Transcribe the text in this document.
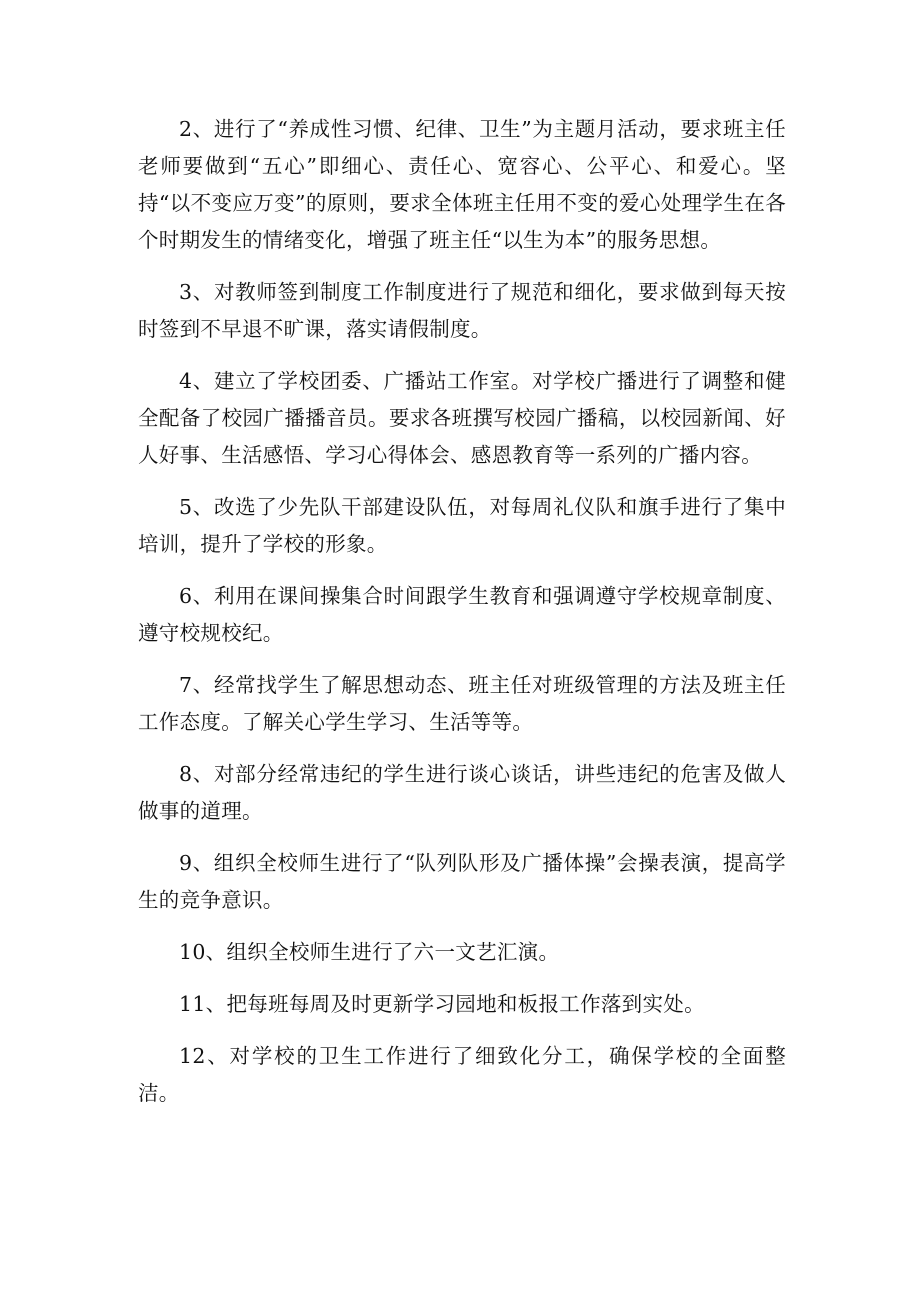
2、进行了“养成性习惯、纪律、卫生”为主题月活动，要求班主任老师要做到“五心”即细心、责任心、宽容心、公平心、和爱心。坚持“以不变应万变”的原则，要求全体班主任用不变的爱心处理学生在各个时期发生的情绪变化，增强了班主任“以生为本”的服务思想。

3、对教师签到制度工作制度进行了规范和细化，要求做到每天按时签到不早退不旷课，落实请假制度。

4、建立了学校团委、广播站工作室。对学校广播进行了调整和健全配备了校园广播播音员。要求各班撰写校园广播稿，以校园新闻、好人好事、生活感悟、学习心得体会、感恩教育等一系列的广播内容。

5、改选了少先队干部建设队伍，对每周礼仪队和旗手进行了集中培训，提升了学校的形象。

6、利用在课间操集合时间跟学生教育和强调遵守学校规章制度、遵守校规校纪。

7、经常找学生了解思想动态、班主任对班级管理的方法及班主任工作态度。了解关心学生学习、生活等等。

8、对部分经常违纪的学生进行谈心谈话，讲些违纪的危害及做人做事的道理。

9、组织全校师生进行了“队列队形及广播体操”会操表演，提高学生的竞争意识。

10、组织全校师生进行了六一文艺汇演。

11、把每班每周及时更新学习园地和板报工作落到实处。

12、对学校的卫生工作进行了细致化分工，确保学校的全面整洁。
